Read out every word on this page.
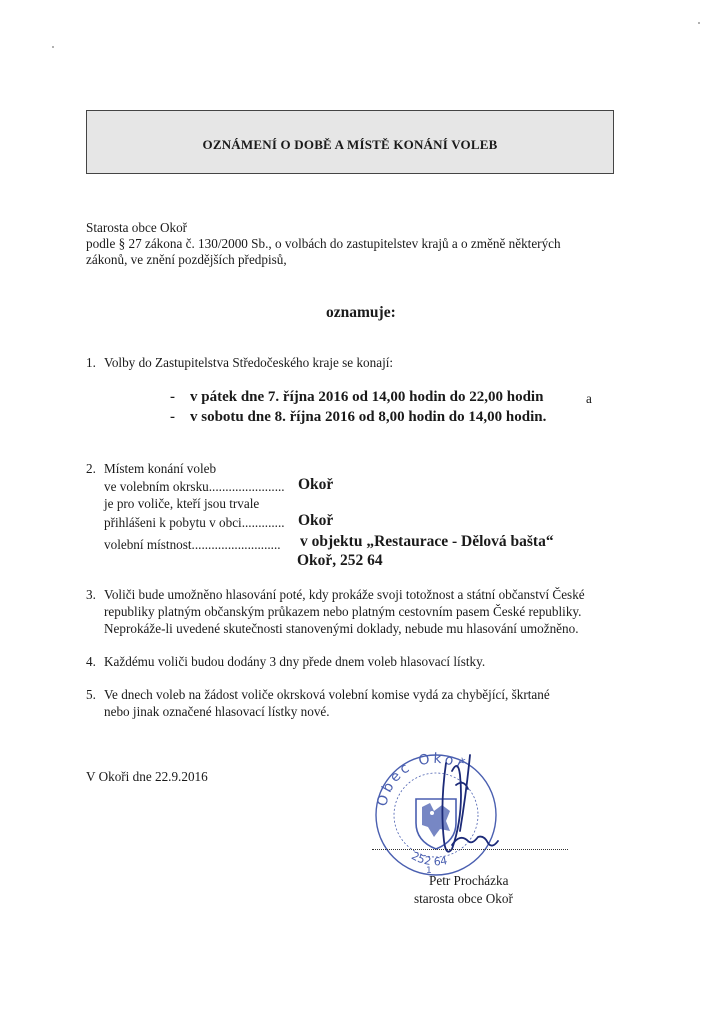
OZNÁMENÍ O DOBĚ A MÍSTĚ KONÁNÍ VOLEB
Starosta obce Okoř
podle § 27 zákona č. 130/2000 Sb., o volbách do zastupitelstev krajů a o změně některých
zákonů, ve znění pozdějších předpisů,
oznamuje:
1. Volby do Zastupitelstva Středočeského kraje se konají:
- v pátek dne 7. října 2016 od 14,00 hodin do 22,00 hodin	a
- v sobotu dne 8. října 2016 od 8,00 hodin do 14,00 hodin.
2. Místem konání voleb
ve volebním okrsku....................... Okoř
je pro voliče, kteří jsou trvale
přihlášeni k pobytu v obci............. Okoř
volební místnost........................... v objektu „Restaurace - Dělová bašta“
Okoř, 252 64
3. Voliči bude umožněno hlasování poté, kdy prokáže svoji totožnost a státní občanství České
republiky platným občanským průkazem nebo platným cestovním pasem České republiky.
Neprokáže-li uvedené skutečnosti stanovenými doklady, nebude mu hlasování umožněno.
4. Každému voliči budou dodány 3 dny přede dnem voleb hlasovací lístky.
5. Ve dnech voleb na žádost voliče okrsková volební komise vydá za chybějící, škrtané
nebo jinak označené hlasovací lístky nové.
V Okoři dne 22.9.2016
Obec Okoř
252 64
1
Petr Procházka
starosta obce Okoř
